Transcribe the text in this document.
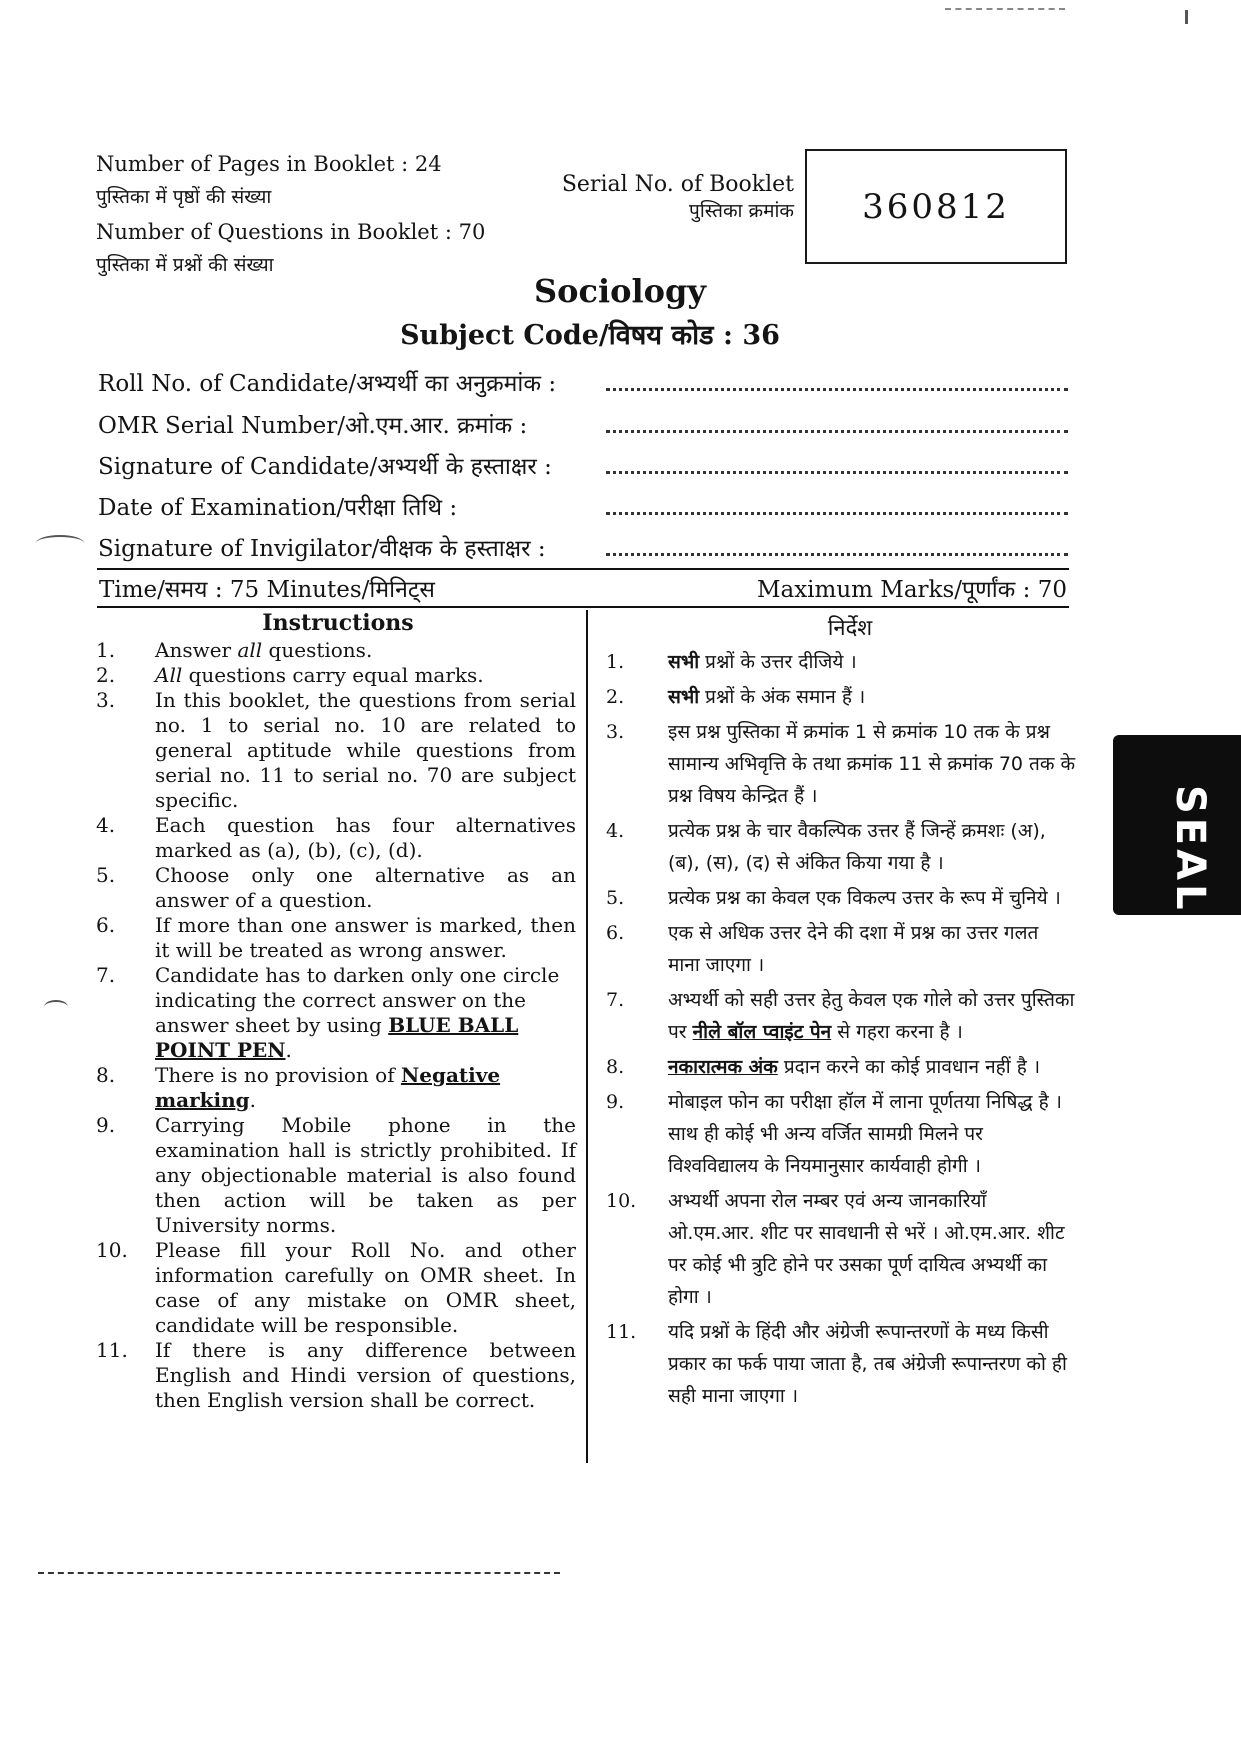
Number of Pages in Booklet : 24
पुस्तिका में पृष्ठों की संख्या
Number of Questions in Booklet : 70
पुस्तिका में प्रश्नों की संख्या
Serial No. of Booklet
पुस्तिका क्रमांक 360812
Sociology
Subject Code/विषय कोड : 36
Roll No. of Candidate/अभ्यर्थी का अनुक्रमांक :
OMR Serial Number/ओ.एम.आर. क्रमांक :
Signature of Candidate/अभ्यर्थी के हस्ताक्षर :
Date of Examination/परीक्षा तिथि :
Signature of Invigilator/वीक्षक के हस्ताक्षर :
Time/समय : 75 Minutes/मिनिट्स	Maximum Marks/पूर्णांक : 70
Instructions
1.	Answer all questions.
2.	All questions carry equal marks.
3.	In this booklet, the questions from serial no. 1 to serial no. 10 are related to general aptitude while questions from serial no. 11 to serial no. 70 are subject specific.
4.	Each question has four alternatives marked as (a), (b), (c), (d).
5.	Choose only one alternative as an answer of a question.
6.	If more than one answer is marked, then it will be treated as wrong answer.
7.	Candidate has to darken only one circle indicating the correct answer on the answer sheet by using BLUE BALL POINT PEN.
8.	There is no provision of Negative marking.
9.	Carrying Mobile phone in the examination hall is strictly prohibited. If any objectionable material is also found then action will be taken as per University norms.
10.	Please fill your Roll No. and other information carefully on OMR sheet. In case of any mistake on OMR sheet, candidate will be responsible.
11.	If there is any difference between English and Hindi version of questions, then English version shall be correct.
निर्देश
1.	सभी प्रश्नों के उत्तर दीजिये ।
2.	सभी प्रश्नों के अंक समान हैं ।
3.	इस प्रश्न पुस्तिका में क्रमांक 1 से क्रमांक 10 तक के प्रश्न सामान्य अभिवृत्ति के तथा क्रमांक 11 से क्रमांक 70 तक के प्रश्न विषय केन्द्रित हैं ।
4.	प्रत्येक प्रश्न के चार वैकल्पिक उत्तर हैं जिन्हें क्रमशः (अ), (ब), (स), (द) से अंकित किया गया है ।
5.	प्रत्येक प्रश्न का केवल एक विकल्प उत्तर के रूप में चुनिये ।
6.	एक से अधिक उत्तर देने की दशा में प्रश्न का उत्तर गलत माना जाएगा ।
7.	अभ्यर्थी को सही उत्तर हेतु केवल एक गोले को उत्तर पुस्तिका पर नीले बॉल प्वाइंट पेन से गहरा करना है ।
8.	नकारात्मक अंक प्रदान करने का कोई प्रावधान नहीं है ।
9.	मोबाइल फोन का परीक्षा हॉल में लाना पूर्णतया निषिद्ध है । साथ ही कोई भी अन्य वर्जित सामग्री मिलने पर विश्वविद्यालय के नियमानुसार कार्यवाही होगी ।
10.	अभ्यर्थी अपना रोल नम्बर एवं अन्य जानकारियाँ ओ.एम.आर. शीट पर सावधानी से भरें । ओ.एम.आर. शीट पर कोई भी त्रुटि होने पर उसका पूर्ण दायित्व अभ्यर्थी का होगा ।
11.	यदि प्रश्नों के हिंदी और अंग्रेजी रूपान्तरणों के मध्य किसी प्रकार का फर्क पाया जाता है, तब अंग्रेजी रूपान्तरण को ही सही माना जाएगा ।
SEAL
